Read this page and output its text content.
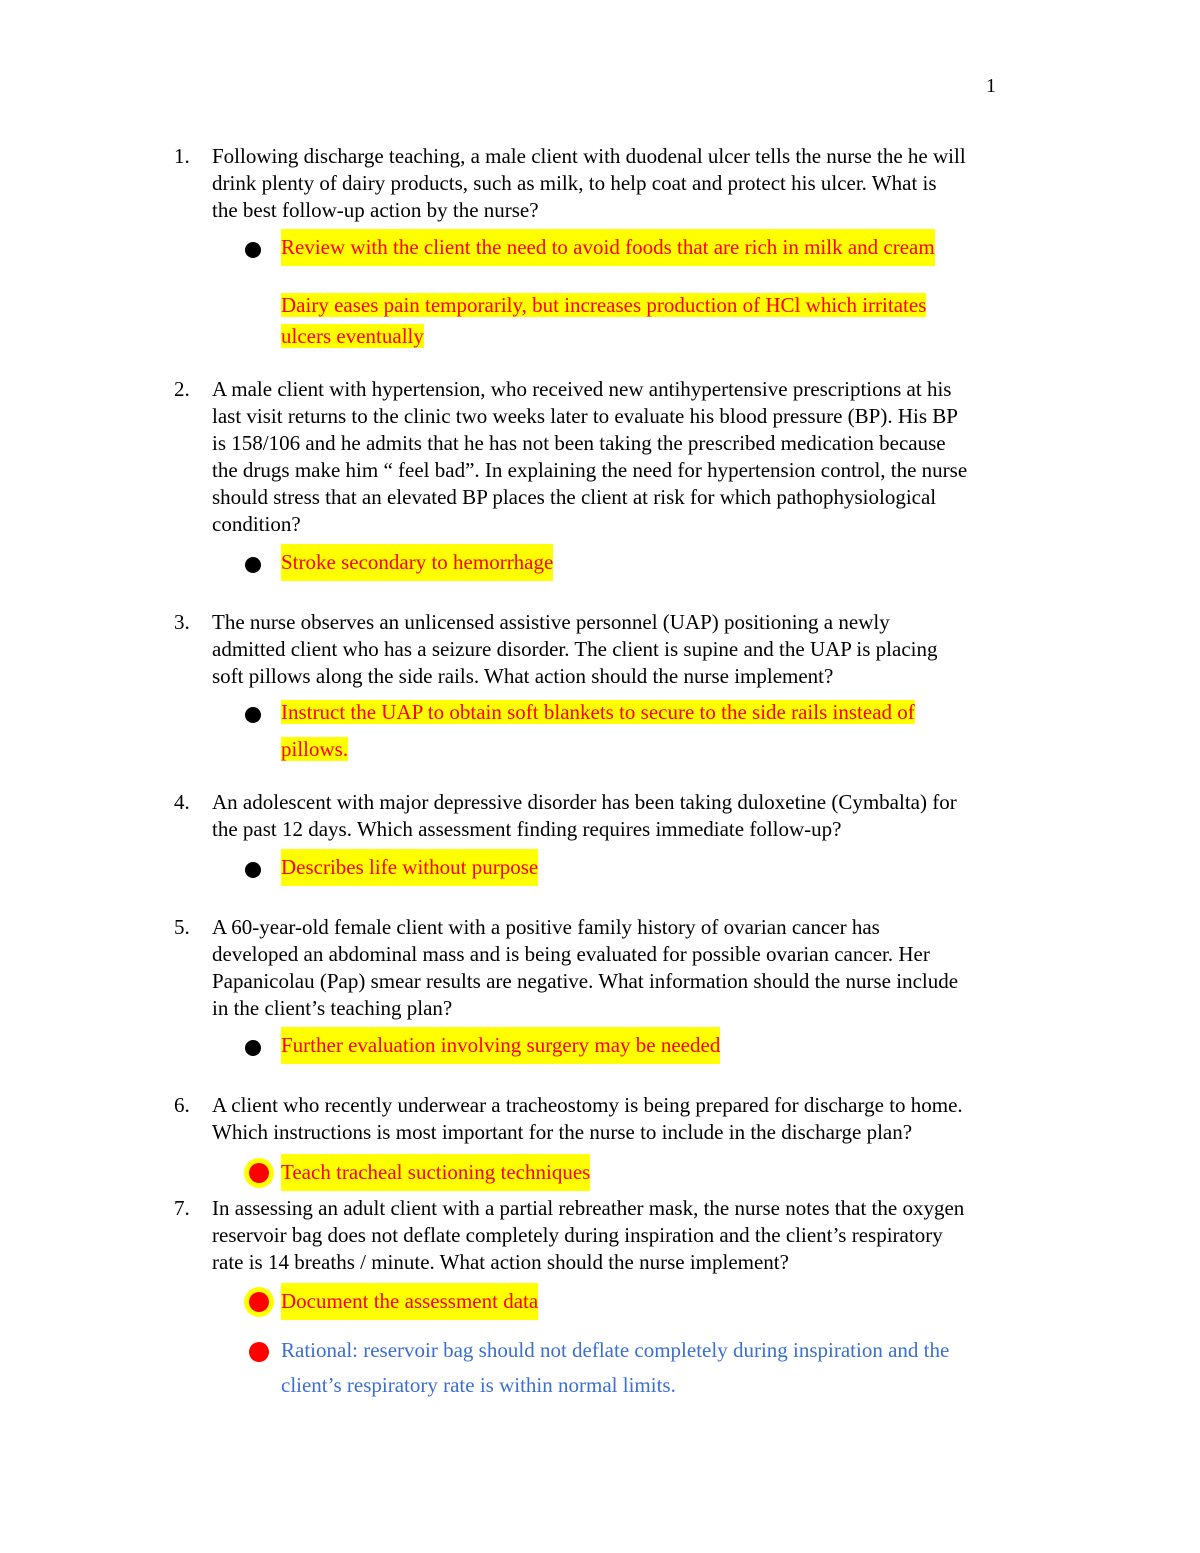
1
1.	Following discharge teaching, a male client with duodenal ulcer tells the nurse the he will
drink plenty of dairy products, such as milk, to help coat and protect his ulcer. What is
the best follow-up action by the nurse?
Review with the client the need to avoid foods that are rich in milk and cream
Dairy eases pain temporarily, but increases production of HCl which irritates
ulcers eventually
2.	A male client with hypertension, who received new antihypertensive prescriptions at his
last visit returns to the clinic two weeks later to evaluate his blood pressure (BP). His BP
is 158/106 and he admits that he has not been taking the prescribed medication because
the drugs make him “ feel bad”. In explaining the need for hypertension control, the nurse
should stress that an elevated BP places the client at risk for which pathophysiological
condition?
Stroke secondary to hemorrhage
3.	The nurse observes an unlicensed assistive personnel (UAP) positioning a newly
admitted client who has a seizure disorder. The client is supine and the UAP is placing
soft pillows along the side rails. What action should the nurse implement?
Instruct the UAP to obtain soft blankets to secure to the side rails instead of
pillows.
4.	An adolescent with major depressive disorder has been taking duloxetine (Cymbalta) for
the past 12 days. Which assessment finding requires immediate follow-up?
Describes life without purpose
5.	A 60-year-old female client with a positive family history of ovarian cancer has
developed an abdominal mass and is being evaluated for possible ovarian cancer. Her
Papanicolau (Pap) smear results are negative. What information should the nurse include
in the client’s teaching plan?
Further evaluation involving surgery may be needed
6.	A client who recently underwear a tracheostomy is being prepared for discharge to home.
Which instructions is most important for the nurse to include in the discharge plan?
Teach tracheal suctioning techniques
7.	In assessing an adult client with a partial rebreather mask, the nurse notes that the oxygen
reservoir bag does not deflate completely during inspiration and the client’s respiratory
rate is 14 breaths / minute. What action should the nurse implement?
Document the assessment data
Rational: reservoir bag should not deflate completely during inspiration and the
client’s respiratory rate is within normal limits.
